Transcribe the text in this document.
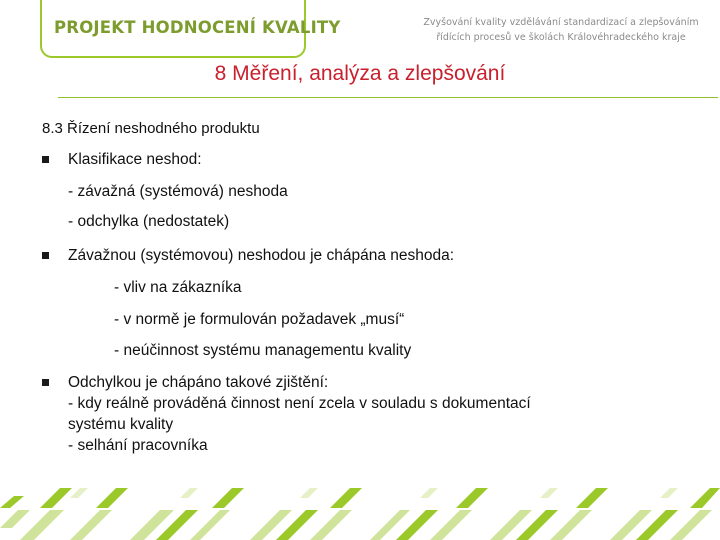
PROJEKT HODNOCENÍ KVALITY	Zvyšování kvality vzdělávání standardizací a zlepšováním
řídících procesů ve školách Královéhradeckého kraje
8 Měření, analýza a zlepšování
8.3 Řízení neshodného produktu
Klasifikace neshod:
- závažná (systémová) neshoda
- odchylka (nedostatek)
Závažnou (systémovou) neshodou je chápána neshoda:
- vliv na zákazníka
- v normě je formulován požadavek „musí“
- neúčinnost systému managementu kvality
Odchylkou je chápáno takové zjištění:
- kdy reálně prováděná činnost není zcela v souladu s dokumentací
systému kvality
- selhání pracovníka
